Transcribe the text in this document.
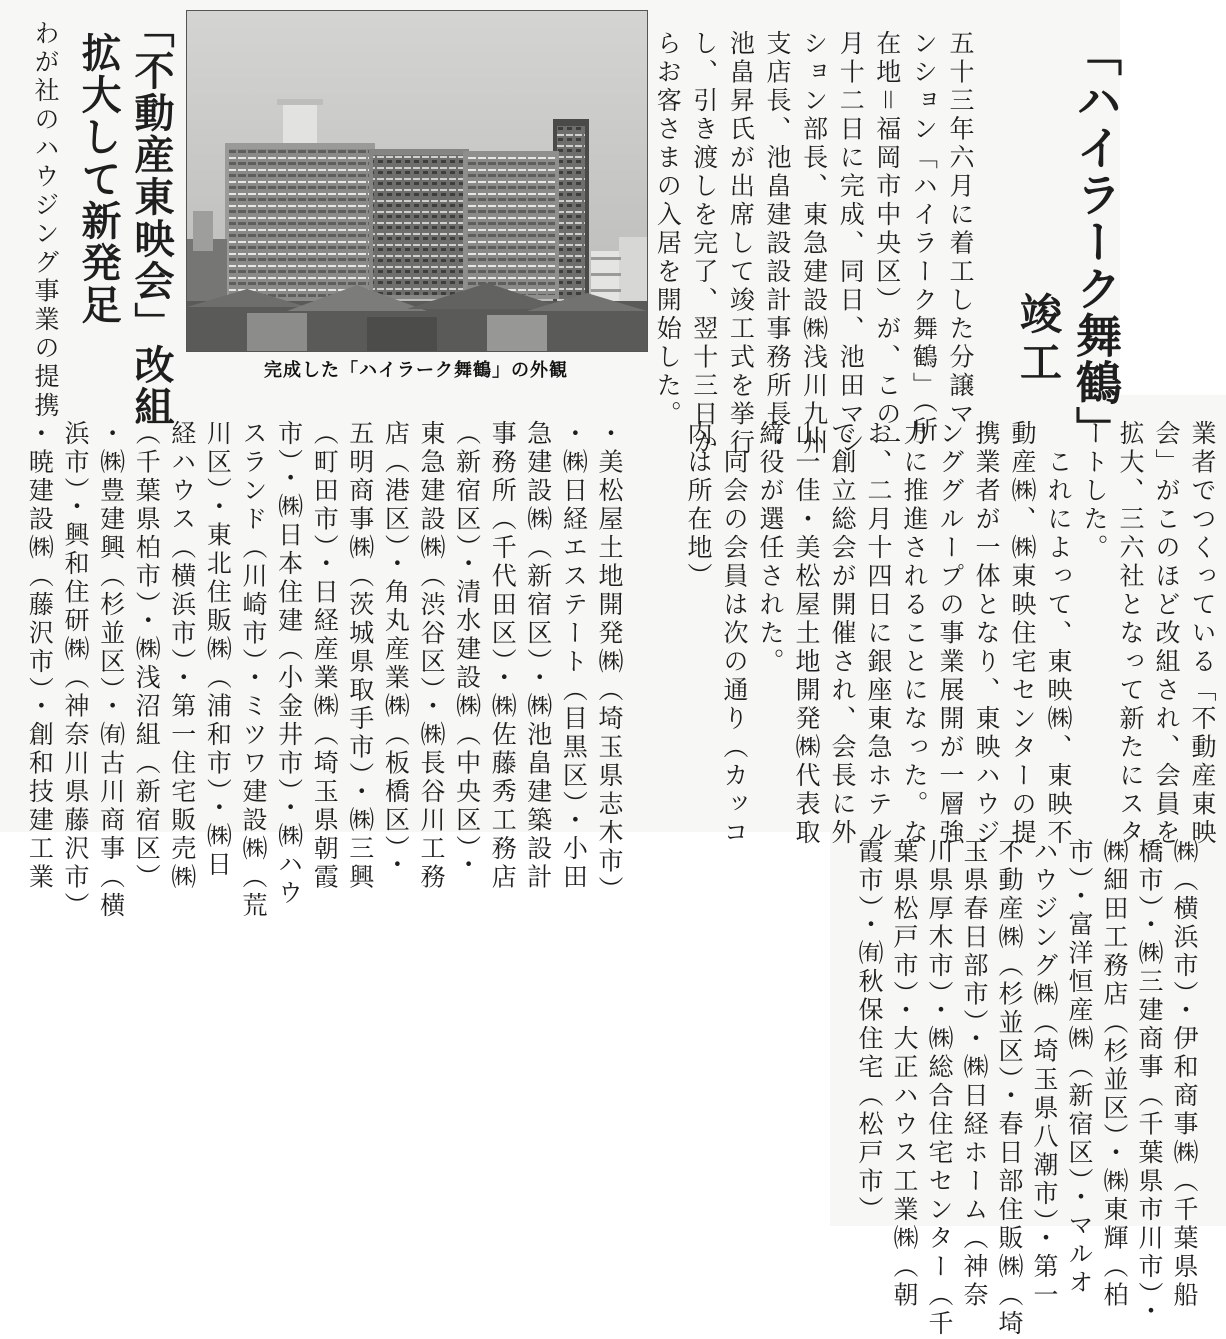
「ハイラーク舞鶴」
竣工
五十三年六月に着工した分譲マ
ンション「ハイラーク舞鶴」（所
在地＝福岡市中央区）が、この一
月十二日に完成、同日、池田マン
ション部長、東急建設㈱浅川九州
支店長、池畠建設設計事務所長・
池畠昇氏が出席して竣工式を挙行
し、引き渡しを完了、翌十三日か
らお客さまの入居を開始した。
完成した「ハイラーク舞鶴」の外観
「不動産東映会」改組
拡大して新発足
わが社のハウジング事業の提携
業者でつくっている「不動産東映
会」がこのほど改組され、会員を
拡大、三六社となって新たにスタ
ートした。
　これによって、東映㈱、東映不
動産㈱、㈱東映住宅センターの提
携業者が一体となり、東映ハウジ
ンググループの事業展開が一層強
力に推進されることになった。な
お、二月十四日に銀座東急ホテル
で創立総会が開催され、会長に外
山一佳・美松屋土地開発㈱代表取
締役が選任された。
　同会の会員は次の通り（カッコ
内は所在地）
・美松屋土地開発㈱（埼玉県志木市）
・㈱日経エステート（目黒区）・小田
急建設㈱（新宿区）・㈱池畠建築設計
事務所（千代田区）・㈱佐藤秀工務店
（新宿区）・清水建設㈱（中央区）・
東急建設㈱（渋谷区）・㈱長谷川工務
店（港区）・角丸産業㈱（板橋区）・
五明商事㈱（茨城県取手市）・㈱三興
（町田市）・日経産業㈱（埼玉県朝霞
市）・㈱日本住建（小金井市）・㈱ハウ
スランド（川崎市）・ミツワ建設㈱（荒
川区）・東北住販㈱（浦和市）・㈱日
経ハウス（横浜市）・第一住宅販売㈱
（千葉県柏市）・㈱浅沼組（新宿区）
・㈱豊建興（杉並区）・㈲古川商事（横
浜市）・興和住研㈱（神奈川県藤沢市）
・暁建設㈱（藤沢市）・創和技建工業
㈱（横浜市）・伊和商事㈱（千葉県船
橋市）・㈱三建商事（千葉県市川市）・
㈱細田工務店（杉並区）・㈱東輝（柏
市）・富洋恒産㈱（新宿区）・マルオ
ハウジング㈱（埼玉県八潮市）・第一
不動産㈱（杉並区）・春日部住販㈱（埼
玉県春日部市）・㈱日経ホーム（神奈
川県厚木市）・㈱総合住宅センター（千
葉県松戸市）・大正ハウス工業㈱（朝
霞市）・㈲秋保住宅（松戸市）
